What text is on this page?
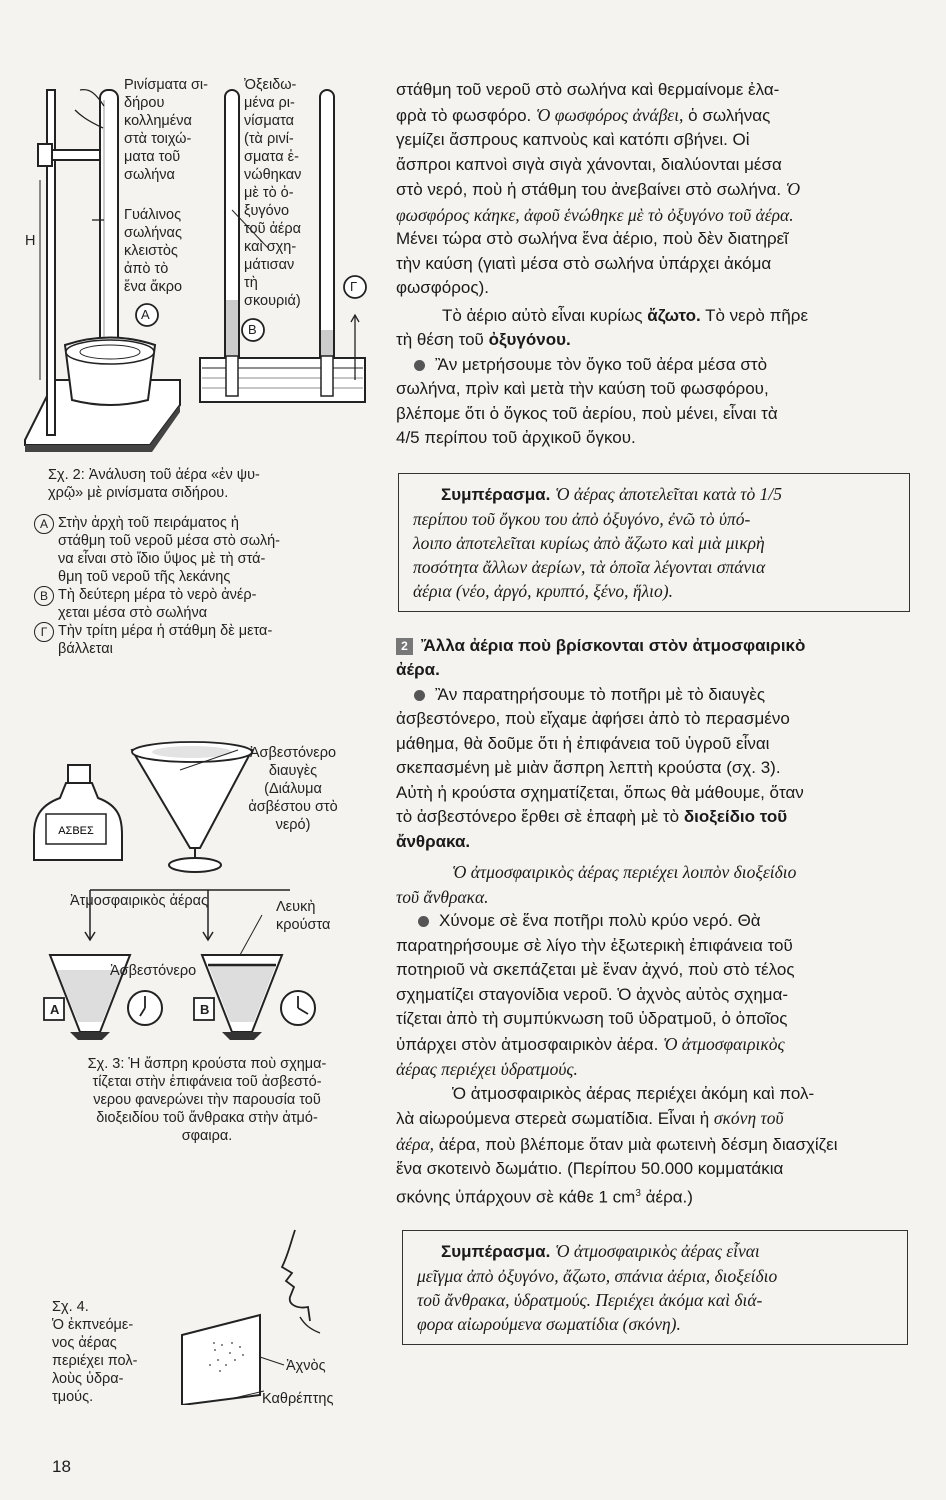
Ρινίσματα σι-
δήρου
κολλημένα
στὰ τοιχώ-
ματα τοῦ
σωλήνα
Γυάλινος
σωλήνας
κλειστὸς
ἀπὸ τὸ
ἕνα ἄκρο
Ὀξειδω-
μένα ρι-
νίσματα
(τὰ ρινί-
σματα ἑ-
νώθηκαν
μὲ τὸ ὀ-
ξυγόνο
τοῦ ἀέρα
καὶ σχη-
μάτισαν
τὴ
σκουριά)
Η
Α
Β
Γ
Σχ. 2: Ἀνάλυση τοῦ ἀέρα «ἐν ψυ-
χρῷ» μὲ ρινίσματα σιδήρου.
Α Στὴν ἀρχὴ τοῦ πειράματος ἡ
στάθμη τοῦ νεροῦ μέσα στὸ σωλή-
να εἶναι στὸ ἴδιο ὕψος μὲ τὴ στά-
θμη τοῦ νεροῦ τῆς λεκάνης
Β Τὴ δεύτερη μέρα τὸ νερὸ ἀνέρ-
χεται μέσα στὸ σωλήνα
Γ Τὴν τρίτη μέρα ἡ στάθμη δὲ μετα-
βάλλεται
ΑΣΒΕΣ
Ἀσβεστόνερο
διαυγὲς
(Διάλυμα
ἀσβέστου στὸ
νερό)
Ἀτμοσφαιρικὸς ἀέρας	Λευκὴ
κρούστα
Ἀσβεστόνερο
Α	Β
Σχ. 3: Ἡ ἄσπρη κρούστα ποὺ σχημα-
τίζεται στὴν ἐπιφάνεια τοῦ ἀσβεστό-
νερου φανερώνει τὴν παρουσία τοῦ
διοξειδίου τοῦ ἄνθρακα στὴν ἀτμό-
σφαιρα.
Σχ. 4.
Ὁ ἐκπνεόμε-
νος ἀέρας
περιέχει πολ-
λοὺς ὑδρα-
τμούς.
Ἀχνὸς
Καθρέπτης
στάθμη τοῦ νεροῦ στὸ σωλήνα καὶ θερμαίνομε ἐλα-
φρὰ τὸ φωσφόρο. Ὁ φωσφόρος ἀνάβει, ὁ σωλήνας
γεμίζει ἄσπρους καπνοὺς καὶ κατόπι σβήνει. Οἱ
ἄσπροι καπνοὶ σιγὰ σιγὰ χάνονται, διαλύονται μέσα
στὸ νερό, ποὺ ἡ στάθμη του ἀνεβαίνει στὸ σωλήνα. Ὁ
φωσφόρος κάηκε, ἀφοῦ ἑνώθηκε μὲ τὸ ὀξυγόνο τοῦ ἀέρα.
Μένει τώρα στὸ σωλήνα ἕνα ἀέριο, ποὺ δὲν διατηρεῖ
τὴν καύση (γιατὶ μέσα στὸ σωλήνα ὑπάρχει ἀκόμα
φωσφόρος).
Τὸ ἀέριο αὐτὸ εἶναι κυρίως ἄζωτο. Τὸ νερὸ πῆρε
τὴ θέση τοῦ ὀξυγόνου.
Ἂν μετρήσουμε τὸν ὄγκο τοῦ ἀέρα μέσα στὸ
σωλήνα, πρὶν καὶ μετὰ τὴν καύση τοῦ φωσφόρου,
βλέπομε ὅτι ὁ ὄγκος τοῦ ἀερίου, ποὺ μένει, εἶναι τὰ
4/5 περίπου τοῦ ἀρχικοῦ ὄγκου.
Συμπέρασμα. Ὁ ἀέρας ἀποτελεῖται κατὰ τὸ 1/5
περίπου τοῦ ὄγκου του ἀπὸ ὀξυγόνο, ἐνῶ τὸ ὑπό-
λοιπο ἀποτελεῖται κυρίως ἀπὸ ἄζωτο καὶ μιὰ μικρὴ
ποσότητα ἄλλων ἀερίων, τὰ ὁποῖα λέγονται σπάνια
ἀέρια (νέο, ἀργό, κρυπτό, ξένο, ἥλιο).
2 Ἄλλα ἀέρια ποὺ βρίσκονται στὸν ἀτμοσφαιρικὸ
ἀέρα.
Ἂν παρατηρήσουμε τὸ ποτῆρι μὲ τὸ διαυγὲς
ἀσβεστόνερο, ποὺ εἴχαμε ἀφήσει ἀπὸ τὸ περασμένο
μάθημα, θὰ δοῦμε ὅτι ἡ ἐπιφάνεια τοῦ ὑγροῦ εἶναι
σκεπασμένη μὲ μιὰν ἄσπρη λεπτὴ κρούστα (σχ. 3).
Αὐτὴ ἡ κρούστα σχηματίζεται, ὅπως θὰ μάθουμε, ὅταν
τὸ ἀσβεστόνερο ἔρθει σὲ ἐπαφὴ μὲ τὸ διοξείδιο τοῦ
ἄνθρακα.
Ὁ ἀτμοσφαιρικὸς ἀέρας περιέχει λοιπὸν διοξείδιο
τοῦ ἄνθρακα.
Χύνομε σὲ ἕνα ποτῆρι πολὺ κρύο νερό. Θὰ
παρατηρήσουμε σὲ λίγο τὴν ἐξωτερικὴ ἐπιφάνεια τοῦ
ποτηριοῦ νὰ σκεπάζεται μὲ ἕναν ἀχνό, ποὺ στὸ τέλος
σχηματίζει σταγονίδια νεροῦ. Ὁ ἀχνὸς αὐτὸς σχημα-
τίζεται ἀπὸ τὴ συμπύκνωση τοῦ ὑδρατμοῦ, ὁ ὁποῖος
ὑπάρχει στὸν ἀτμοσφαιρικὸν ἀέρα. Ὁ ἀτμοσφαιρικὸς
ἀέρας περιέχει ὑδρατμούς.
Ὁ ἀτμοσφαιρικὸς ἀέρας περιέχει ἀκόμη καὶ πολ-
λὰ αἰωρούμενα στερεὰ σωματίδια. Εἶναι ἡ σκόνη τοῦ
ἀέρα, ἀέρα, ποὺ βλέπομε ὅταν μιὰ φωτεινὴ δέσμη διασχίζει
ἕνα σκοτεινὸ δωμάτιο. (Περίπου 50.000 κομματάκια
σκόνης ὑπάρχουν σὲ κάθε 1 $cm^3$ ἀέρα.)
Συμπέρασμα. Ὁ ἀτμοσφαιρικὸς ἀέρας εἶναι
μεῖγμα ἀπὸ ὀξυγόνο, ἄζωτο, σπάνια ἀέρια, διοξείδιο
τοῦ ἄνθρακα, ὑδρατμούς. Περιέχει ἀκόμα καὶ διά-
φορα αἰωρούμενα σωματίδια (σκόνη).
18
